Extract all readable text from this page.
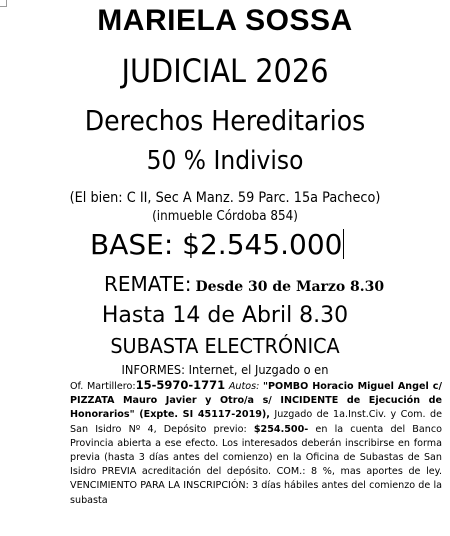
MARIELA SOSSA
JUDICIAL 2026
Derechos Hereditarios
50 % Indiviso
(El bien: C II, Sec A Manz. 59 Parc. 15a Pacheco)
(inmueble Córdoba 854)
BASE: $2.545.000
REMATE: Desde 30 de Marzo 8.30
Hasta 14 de Abril 8.30
SUBASTA ELECTRÓNICA
INFORMES: Internet, el Juzgado o en
Of. Martillero:15-5970-1771 Autos: "POMBO Horacio Miguel Angel c/ PIZZATA Mauro Javier y Otro/a s/ INCIDENTE de Ejecución de Honorarios" (Expte. SI 45117-2019), Juzgado de 1a.Inst.Civ. y Com. de San Isidro Nº 4, Depósito previo: $254.500- en la cuenta del Banco Provincia abierta a ese efecto. Los interesados deberán inscribirse en forma previa (hasta 3 días antes del comienzo) en la Oficina de Subastas de San Isidro PREVIA acreditación del depósito. COM.: 8 %, mas aportes de ley. VENCIMIENTO PARA LA INSCRIPCIÓN: 3 días hábiles antes del comienzo de la subasta
